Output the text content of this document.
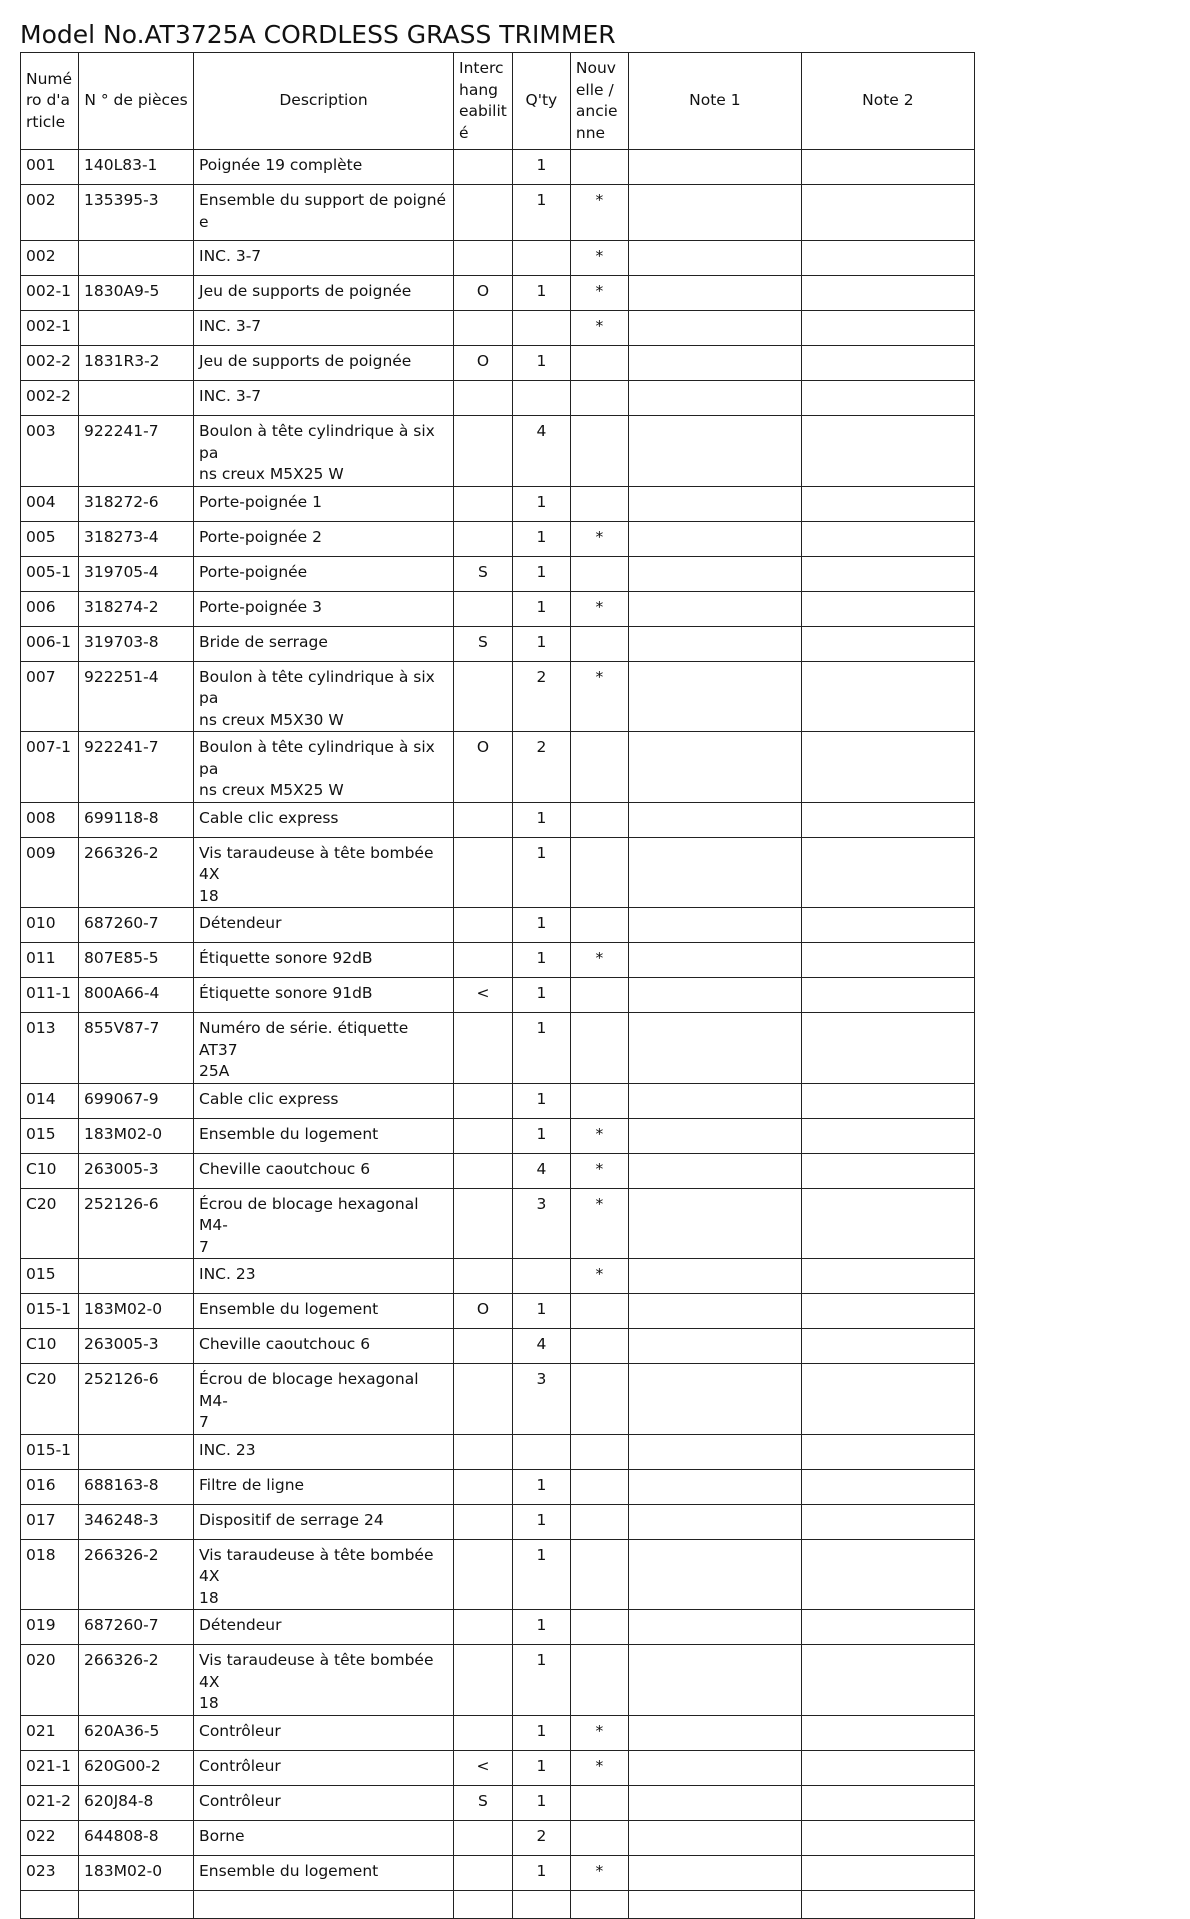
Model No.AT3725A CORDLESS GRASS TRIMMER
Numé
ro d'a
rticle	N ° de pièces	Description	Interc
hang
eabilit
é	Q'ty	Nouv
elle /
ancie
nne	Note 1	Note 2
001	140L83-1	Poignée 19 complète		1			
002	135395-3	Ensemble du support de poigné
e		1	*		
002		INC. 3-7			*		
002-1	1830A9-5	Jeu de supports de poignée	O	1	*		
002-1		INC. 3-7			*		
002-2	1831R3-2	Jeu de supports de poignée	O	1			
002-2		INC. 3-7					
003	922241-7	Boulon à tête cylindrique à six pa
ns creux M5X25 W		4			
004	318272-6	Porte-poignée 1		1			
005	318273-4	Porte-poignée 2		1	*		
005-1	319705-4	Porte-poignée	S	1			
006	318274-2	Porte-poignée 3		1	*		
006-1	319703-8	Bride de serrage	S	1			
007	922251-4	Boulon à tête cylindrique à six pa
ns creux M5X30 W		2	*		
007-1	922241-7	Boulon à tête cylindrique à six pa
ns creux M5X25 W	O	2			
008	699118-8	Cable clic express		1			
009	266326-2	Vis taraudeuse à tête bombée 4X
18		1			
010	687260-7	Détendeur		1			
011	807E85-5	Étiquette sonore 92dB		1	*		
011-1	800A66-4	Étiquette sonore 91dB	<	1			
013	855V87-7	Numéro de série. étiquette AT37
25A		1			
014	699067-9	Cable clic express		1			
015	183M02-0	Ensemble du logement		1	*		
C10	263005-3	Cheville caoutchouc 6		4	*		
C20	252126-6	Écrou de blocage hexagonal M4-
7		3	*		
015		INC. 23			*		
015-1	183M02-0	Ensemble du logement	O	1			
C10	263005-3	Cheville caoutchouc 6		4			
C20	252126-6	Écrou de blocage hexagonal M4-
7		3			
015-1		INC. 23					
016	688163-8	Filtre de ligne		1			
017	346248-3	Dispositif de serrage 24		1			
018	266326-2	Vis taraudeuse à tête bombée 4X
18		1			
019	687260-7	Détendeur		1			
020	266326-2	Vis taraudeuse à tête bombée 4X
18		1			
021	620A36-5	Contrôleur		1	*		
021-1	620G00-2	Contrôleur	<	1	*		
021-2	620J84-8	Contrôleur	S	1			
022	644808-8	Borne		2			
023	183M02-0	Ensemble du logement		1	*		
